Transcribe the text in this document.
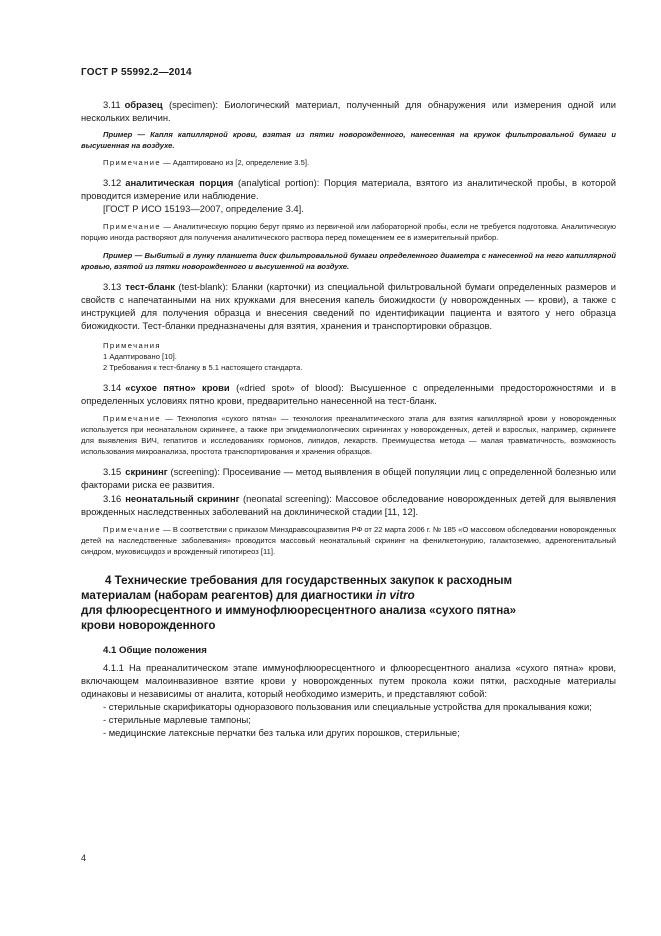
ГОСТ Р 55992.2—2014

3.11 образец (specimen): Биологический материал, полученный для обнаружения или измерения одной или нескольких величин.

Пример — Капля капиллярной крови, взятая из пятки новорожденного, нанесенная на кружок фильтровальной бумаги и высушенная на воздухе.

Примечание — Адаптировано из [2, определение 3.5].

3.12 аналитическая порция (analytical portion): Порция материала, взятого из аналитической пробы, в которой проводится измерение или наблюдение.

[ГОСТ Р ИСО 15193—2007, определение 3.4].

Примечание — Аналитическую порцию берут прямо из первичной или лабораторной пробы, если не требуется подготовка. Аналитическую порцию иногда растворяют для получения аналитического раствора перед помещением ее в измерительный прибор.

Пример — Выбитый в лунку планшета диск фильтровальной бумаги определенного диаметра с нанесенной на него капиллярной кровью, взятой из пятки новорожденного и высушенной на воздухе.

3.13 тест-бланк (test-blank): Бланки (карточки) из специальной фильтровальной бумаги определенных размеров и свойств с напечатанными на них кружками для внесения капель биожидкости (у новорожденных — крови), а также с инструкцией для получения образца и внесения сведений по идентификации пациента и взятого у него образца биожидкости. Тест-бланки предназначены для взятия, хранения и транспортировки образцов.

Примечания

1 Адаптировано [10].

2 Требования к тест-бланку в 5.1 настоящего стандарта.

3.14 «сухое пятно» крови («dried spot» of blood): Высушенное с определенными предосторожностями и в определенных условиях пятно крови, предварительно нанесенной на тест-бланк.

Примечание — Технология «сухого пятна» — технология преаналитического этапа для взятия капиллярной крови у новорожденных используется при неонатальном скрининге, а также при эпидемиологических скринингах у новорожденных, детей и взрослых, например, скрининге для выявления ВИЧ, гепатитов и исследованиях гормонов, липидов, лекарств. Преимущества метода — малая травматичность, возможность использования микроанализа, простота транспортирования и хранения образцов.

3.15 скрининг (screening): Просеивание — метод выявления в общей популяции лиц с определенной болезнью или факторами риска ее развития.

3.16 неонатальный скрининг (neonatal screening): Массовое обследование новорожденных детей для выявления врожденных наследственных заболеваний на доклинической стадии [11, 12].

Примечание — В соответствии с приказом Минздравсоцразвития РФ от 22 марта 2006 г. № 185 «О массовом обследовании новорожденных детей на наследственные заболевания» проводится массовый неонатальный скрининг на фенилкетонурию, галактоземию, адреногенитальный синдром, муковисцидоз и врожденный гипотиреоз [11].

4 Технические требования для государственных закупок к расходным

материалам (наборам реагентов) для диагностики in vitro

для флюоресцентного и иммунофлюоресцентного анализа «сухого пятна»

крови новорожденного

4.1 Общие положения

4.1.1 На преаналитическом этапе иммунофлюоресцентного и флюоресцентного анализа «сухого пятна» крови, включающем малоинвазивное взятие крови у новорожденных путем прокола кожи пятки, расходные материалы одинаковы и независимы от аналита, который необходимо измерить, и представляют собой:

- стерильные скарификаторы одноразового пользования или специальные устройства для прокалывания кожи;

- стерильные марлевые тампоны;

- медицинские латексные перчатки без талька или других порошков, стерильные;

4
